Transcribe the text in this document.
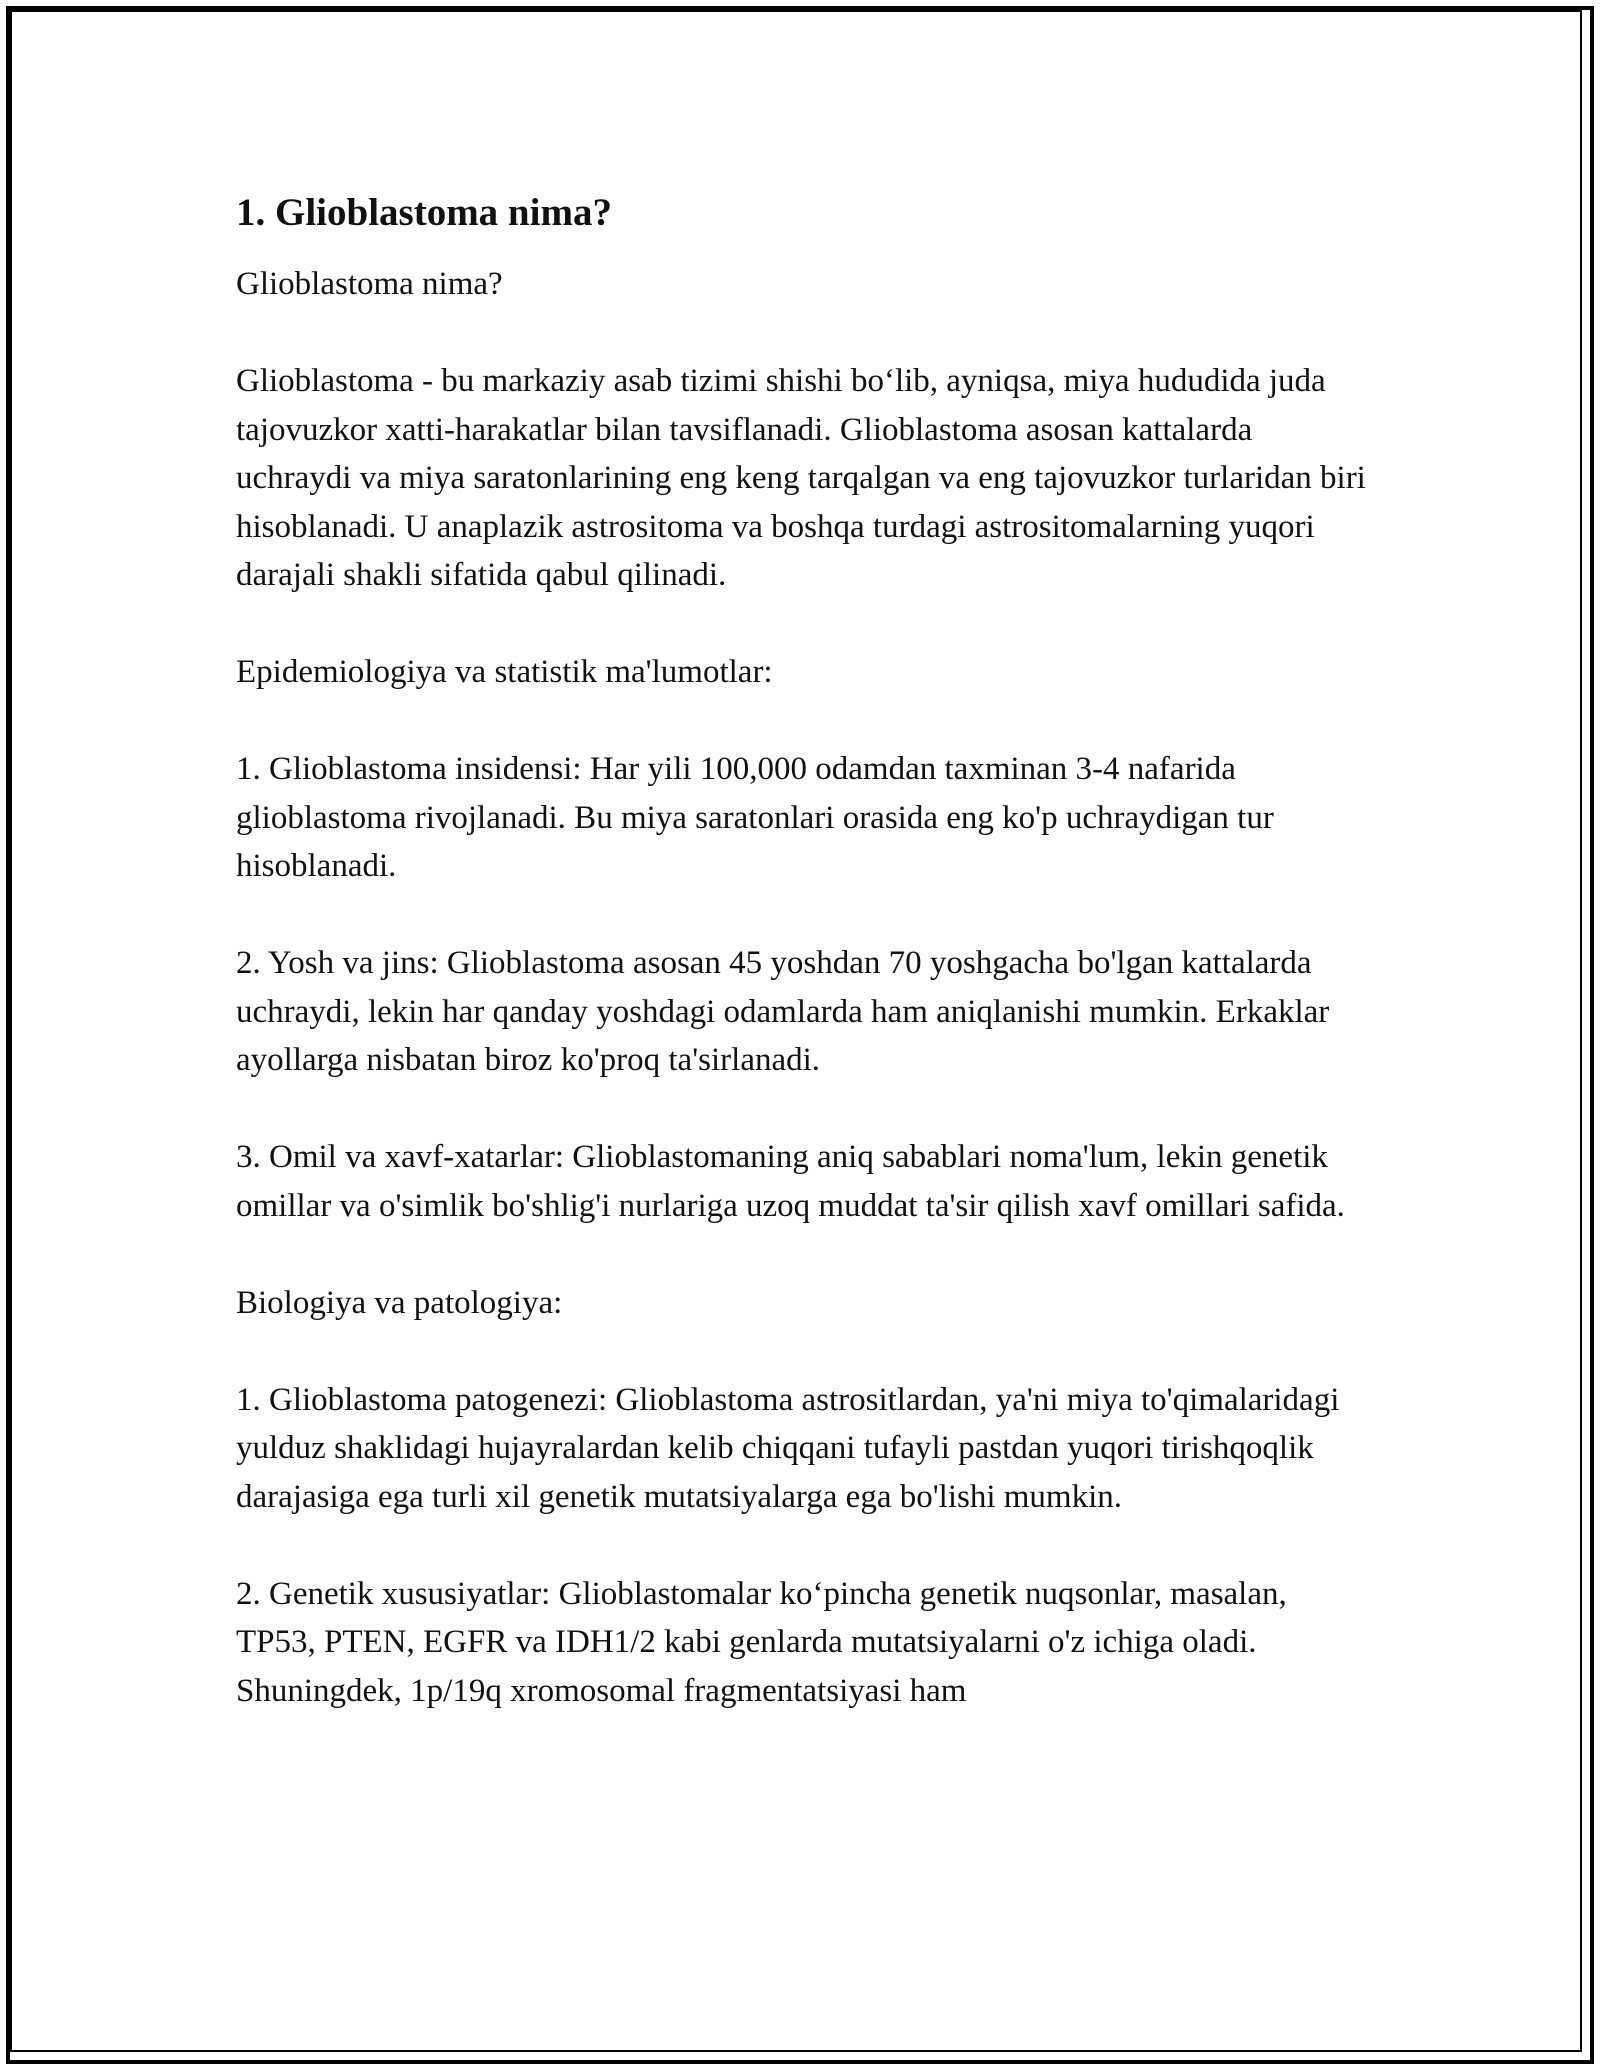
1. Glioblastoma nima?

Glioblastoma nima?

Glioblastoma - bu markaziy asab tizimi shishi boʻlib, ayniqsa, miya hududida juda tajovuzkor xatti-harakatlar bilan tavsiflanadi. Glioblastoma asosan kattalarda uchraydi va miya saratonlarining eng keng tarqalgan va eng tajovuzkor turlaridan biri hisoblanadi. U anaplazik astrositoma va boshqa turdagi astrositomalarning yuqori darajali shakli sifatida qabul qilinadi.

Epidemiologiya va statistik ma'lumotlar:

1. Glioblastoma insidensi: Har yili 100,000 odamdan taxminan 3-4 nafarida glioblastoma rivojlanadi. Bu miya saratonlari orasida eng ko'p uchraydigan tur hisoblanadi.

2. Yosh va jins: Glioblastoma asosan 45 yoshdan 70 yoshgacha bo'lgan kattalarda uchraydi, lekin har qanday yoshdagi odamlarda ham aniqlanishi mumkin. Erkaklar ayollarga nisbatan biroz ko'proq ta'sirlanadi.

3. Omil va xavf-xatarlar: Glioblastomaning aniq sabablari noma'lum, lekin genetik omillar va o'simlik bo'shlig'i nurlariga uzoq muddat ta'sir qilish xavf omillari safida.

Biologiya va patologiya:

1. Glioblastoma patogenezi: Glioblastoma astrositlardan, ya'ni miya to'qimalaridagi yulduz shaklidagi hujayralardan kelib chiqqani tufayli pastdan yuqori tirishqoqlik darajasiga ega turli xil genetik mutatsiyalarga ega bo'lishi mumkin.

2. Genetik xususiyatlar: Glioblastomalar koʻpincha genetik nuqsonlar, masalan, TP53, PTEN, EGFR va IDH1/2 kabi genlarda mutatsiyalarni o'z ichiga oladi. Shuningdek, 1p/19q xromosomal fragmentatsiyasi ham
